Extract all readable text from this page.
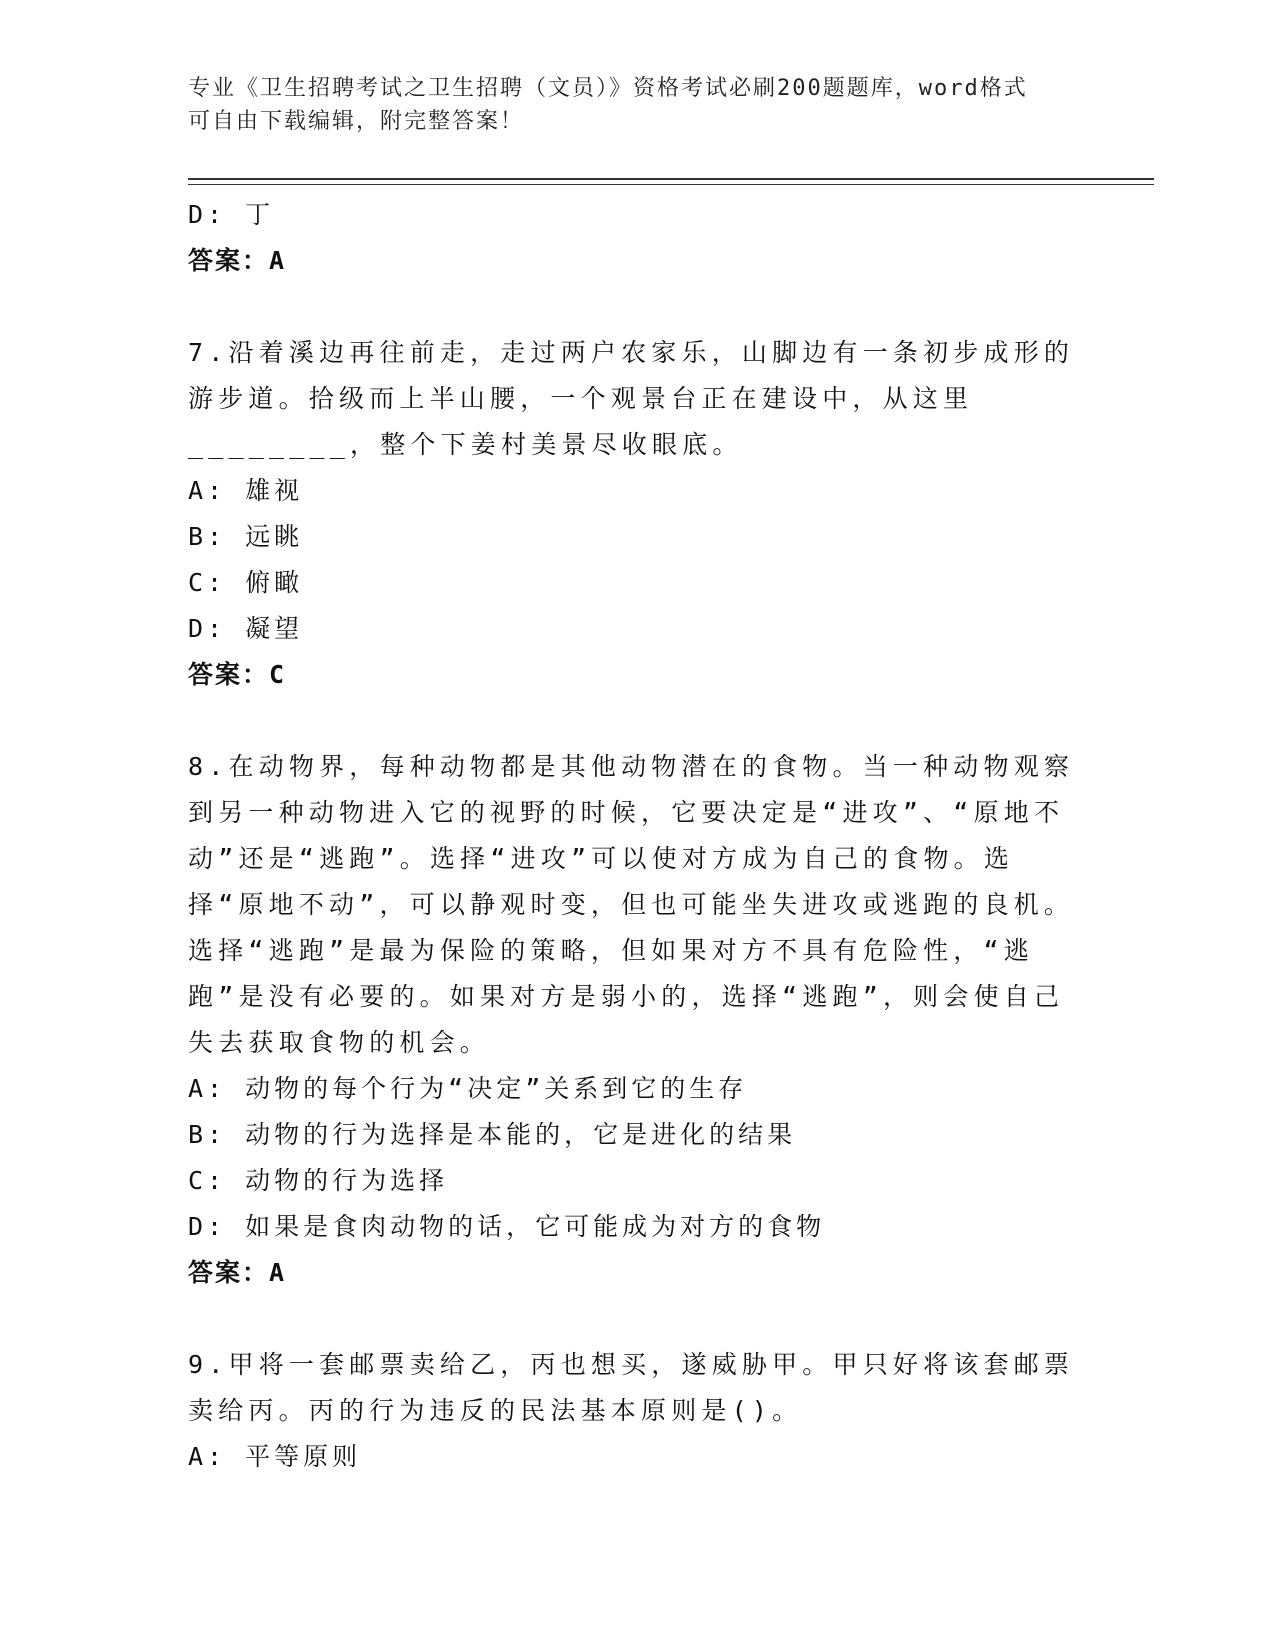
专业《卫生招聘考试之卫生招聘（文员）》资格考试必刷200题题库，word格式
可自由下载编辑，附完整答案！
D: 丁
答案：A

7.沿着溪边再往前走，走过两户农家乐，山脚边有一条初步成形的游步道。拾级而上半山腰，一个观景台正在建设中，从这里________，整个下姜村美景尽收眼底。

A: 雄视
B: 远眺
C: 俯瞰
D: 凝望
答案：C

8.在动物界，每种动物都是其他动物潜在的食物。当一种动物观察到另一种动物进入它的视野的时候，它要决定是“进攻”、“原地不动”还是“逃跑”。选择“进攻”可以使对方成为自己的食物。选择“原地不动”，可以静观时变，但也可能坐失进攻或逃跑的良机。选择“逃跑”是最为保险的策略，但如果对方不具有危险性，“逃跑”是没有必要的。如果对方是弱小的，选择“逃跑”，则会使自己失去获取食物的机会。

A: 动物的每个行为“决定”关系到它的生存
B: 动物的行为选择是本能的，它是进化的结果
C: 动物的行为选择
D: 如果是食肉动物的话，它可能成为对方的食物
答案：A

9.甲将一套邮票卖给乙，丙也想买，遂威胁甲。甲只好将该套邮票卖给丙。丙的行为违反的民法基本原则是()。

A: 平等原则
